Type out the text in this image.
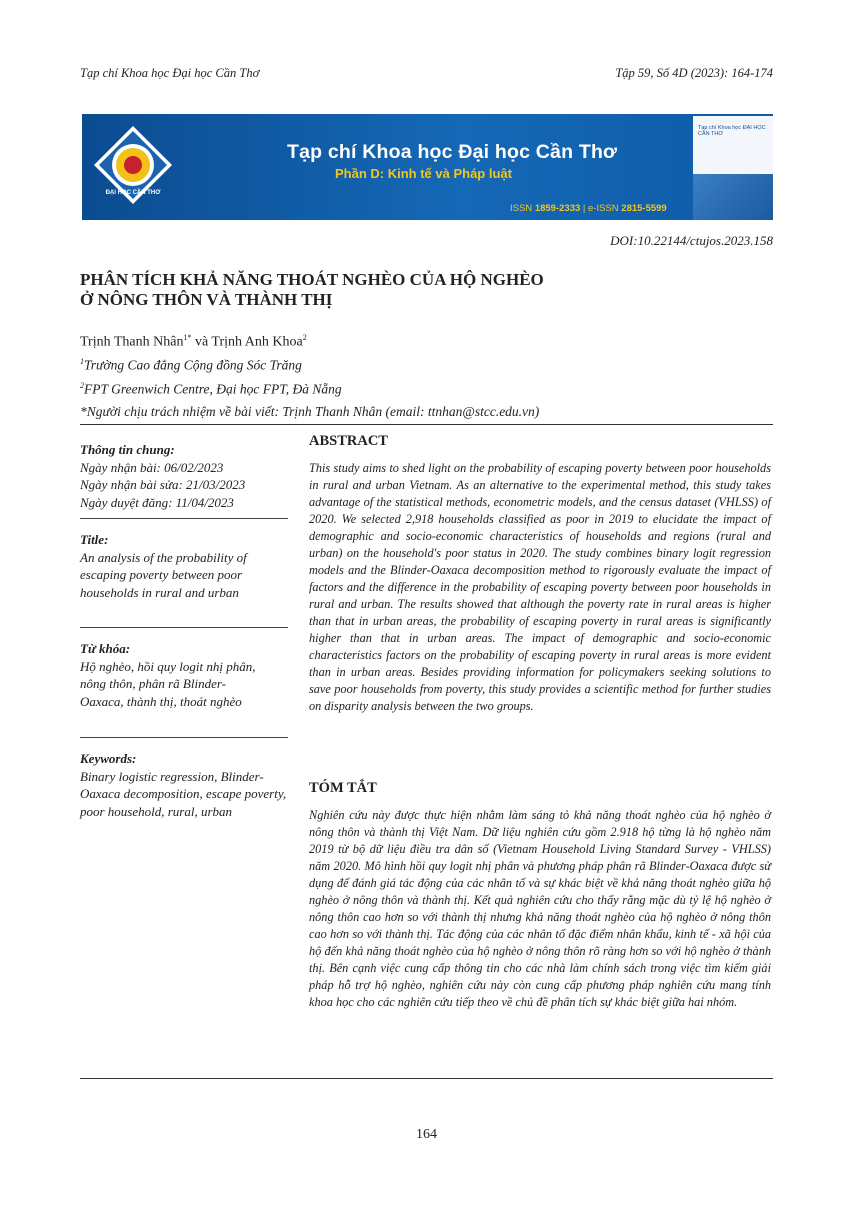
Tạp chí Khoa học Đại học Cần Thơ	Tập 59, Số 4D (2023): 164-174
ĐẠI HỌC CẦN THƠ
Tạp chí Khoa học Đại học Cần Thơ
Phần D: Kinh tế và Pháp luật
ISSN 1859-2333 | e-ISSN 2815-5599
Tạp chí Khoa học ĐẠI HỌC CẦN THƠ
DOI:10.22144/ctujos.2023.158
PHÂN TÍCH KHẢ NĂNG THOÁT NGHÈO CỦA HỘ NGHÈO
Ở NÔNG THÔN VÀ THÀNH THỊ
Trịnh Thanh Nhân$^{1*}$ và Trịnh Anh Khoa$^2$
$^1$Trường Cao đẳng Cộng đồng Sóc Trăng
$^2$FPT Greenwich Centre, Đại học FPT, Đà Nẵng
*Người chịu trách nhiệm về bài viết: Trịnh Thanh Nhân (email: ttnhan@stcc.edu.vn)
Thông tin chung:
Ngày nhận bài: 06/02/2023
Ngày nhận bài sửa: 21/03/2023
Ngày duyệt đăng: 11/04/2023
Title:
An analysis of the probability of escaping poverty between poor households in rural and urban
Từ khóa:
Hộ nghèo, hồi quy logit nhị phân, nông thôn, phân rã Blinder-Oaxaca, thành thị, thoát nghèo
Keywords:
Binary logistic regression, Blinder-Oaxaca decomposition, escape poverty, poor household, rural, urban
ABSTRACT
This study aims to shed light on the probability of escaping poverty between poor households in rural and urban Vietnam. As an alternative to the experimental method, this study takes advantage of the statistical methods, econometric models, and the census dataset (VHLSS) of 2020. We selected 2,918 households classified as poor in 2019 to elucidate the impact of demographic and socio-economic characteristics of households and regions (rural and urban) on the household's poor status in 2020. The study combines binary logit regression models and the Blinder-Oaxaca decomposition method to rigorously evaluate the impact of factors and the difference in the probability of escaping poverty between poor households in rural and urban. The results showed that although the poverty rate in rural areas is higher than that in urban areas, the probability of escaping poverty in rural areas is significantly higher than that in urban areas. The impact of demographic and socio-economic characteristics factors on the probability of escaping poverty in rural areas is more evident than in urban areas. Besides providing information for policymakers seeking solutions to save poor households from poverty, this study provides a scientific method for further studies on disparity analysis between the two groups.
TÓM TẮT
Nghiên cứu này được thực hiện nhằm làm sáng tỏ khả năng thoát nghèo của hộ nghèo ở nông thôn và thành thị Việt Nam. Dữ liệu nghiên cứu gồm 2.918 hộ từng là hộ nghèo năm 2019 từ bộ dữ liệu điều tra dân số (Vietnam Household Living Standard Survey - VHLSS) năm 2020. Mô hình hồi quy logit nhị phân và phương pháp phân rã Blinder-Oaxaca được sử dụng để đánh giá tác động của các nhân tố và sự khác biệt về khả năng thoát nghèo giữa hộ nghèo ở nông thôn và thành thị. Kết quả nghiên cứu cho thấy rằng mặc dù tỷ lệ hộ nghèo ở nông thôn cao hơn so với thành thị nhưng khả năng thoát nghèo của hộ nghèo ở nông thôn cao hơn so với thành thị. Tác động của các nhân tố đặc điểm nhân khẩu, kinh tế - xã hội của hộ đến khả năng thoát nghèo của hộ nghèo ở nông thôn rõ ràng hơn so với hộ nghèo ở thành thị. Bên cạnh việc cung cấp thông tin cho các nhà làm chính sách trong việc tìm kiếm giải pháp hỗ trợ hộ nghèo, nghiên cứu này còn cung cấp phương pháp nghiên cứu mang tính khoa học cho các nghiên cứu tiếp theo về chủ đề phân tích sự khác biệt giữa hai nhóm.
164
